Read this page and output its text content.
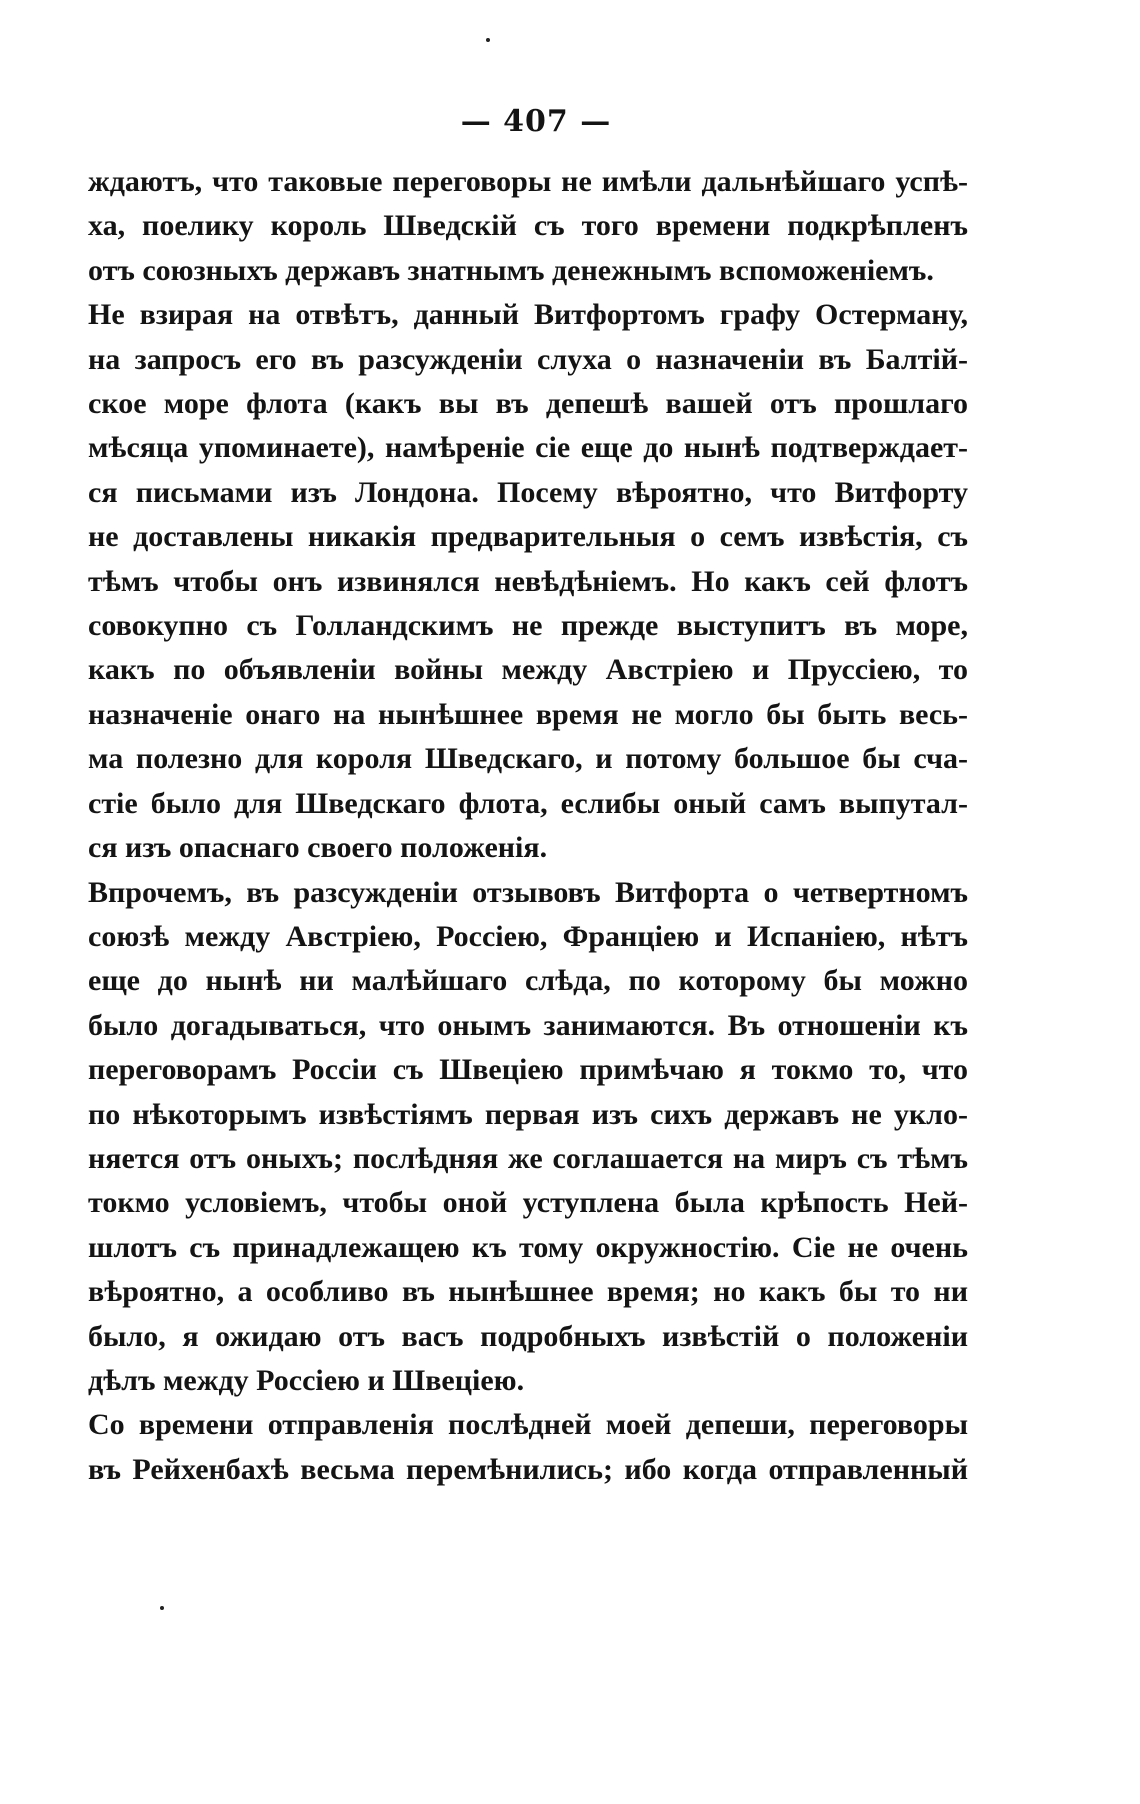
— 407 —
ждаютъ, что таковые переговоры не имѣли дальнѣйшаго успѣ-
ха, поелику король Шведскій съ того времени подкрѣпленъ
отъ союзныхъ державъ знатнымъ денежнымъ вспоможеніемъ.
Не взирая на отвѣтъ, данный Витфортомъ графу Остерману,
на запросъ его въ разсужденіи слуха о назначеніи въ Балтій-
ское море флота (какъ вы въ депешѣ вашей отъ прошлаго
мѣсяца упоминаете), намѣреніе сіе еще до нынѣ подтверждает-
ся письмами изъ Лондона. Посему вѣроятно, что Витфорту
не доставлены никакія предварительныя о семъ извѣстія, съ
тѣмъ чтобы онъ извинялся невѣдѣніемъ. Но какъ сей флотъ
совокупно съ Голландскимъ не прежде выступитъ въ море,
какъ по объявленіи войны между Австріею и Пруссіею, то
назначеніе онаго на нынѣшнее время не могло бы быть весь-
ма полезно для короля Шведскаго, и потому большое бы сча-
стіе было для Шведскаго флота, еслибы оный самъ выпутал-
ся изъ опаснаго своего положенія.
Впрочемъ, въ разсужденіи отзывовъ Витфорта о четвертномъ
союзѣ между Австріею, Россіею, Франціею и Испаніею, нѣтъ
еще до нынѣ ни малѣйшаго слѣда, по которому бы можно
было догадываться, что онымъ занимаются. Въ отношеніи къ
переговорамъ Россіи съ Швеціею примѣчаю я токмо то, что
по нѣкоторымъ извѣстіямъ первая изъ сихъ державъ не укло-
няется отъ оныхъ; послѣдняя же соглашается на миръ съ тѣмъ
токмо условіемъ, чтобы оной уступлена была крѣпость Ней-
шлотъ съ принадлежащею къ тому окружностію. Сіе не очень
вѣроятно, а особливо въ нынѣшнее время; но какъ бы то ни
было, я ожидаю отъ васъ подробныхъ извѣстій о положеніи
дѣлъ между Россіею и Швеціею.
Со времени отправленія послѣдней моей депеши, переговоры
въ Рейхенбахѣ весьма перемѣнились; ибо когда отправленный
